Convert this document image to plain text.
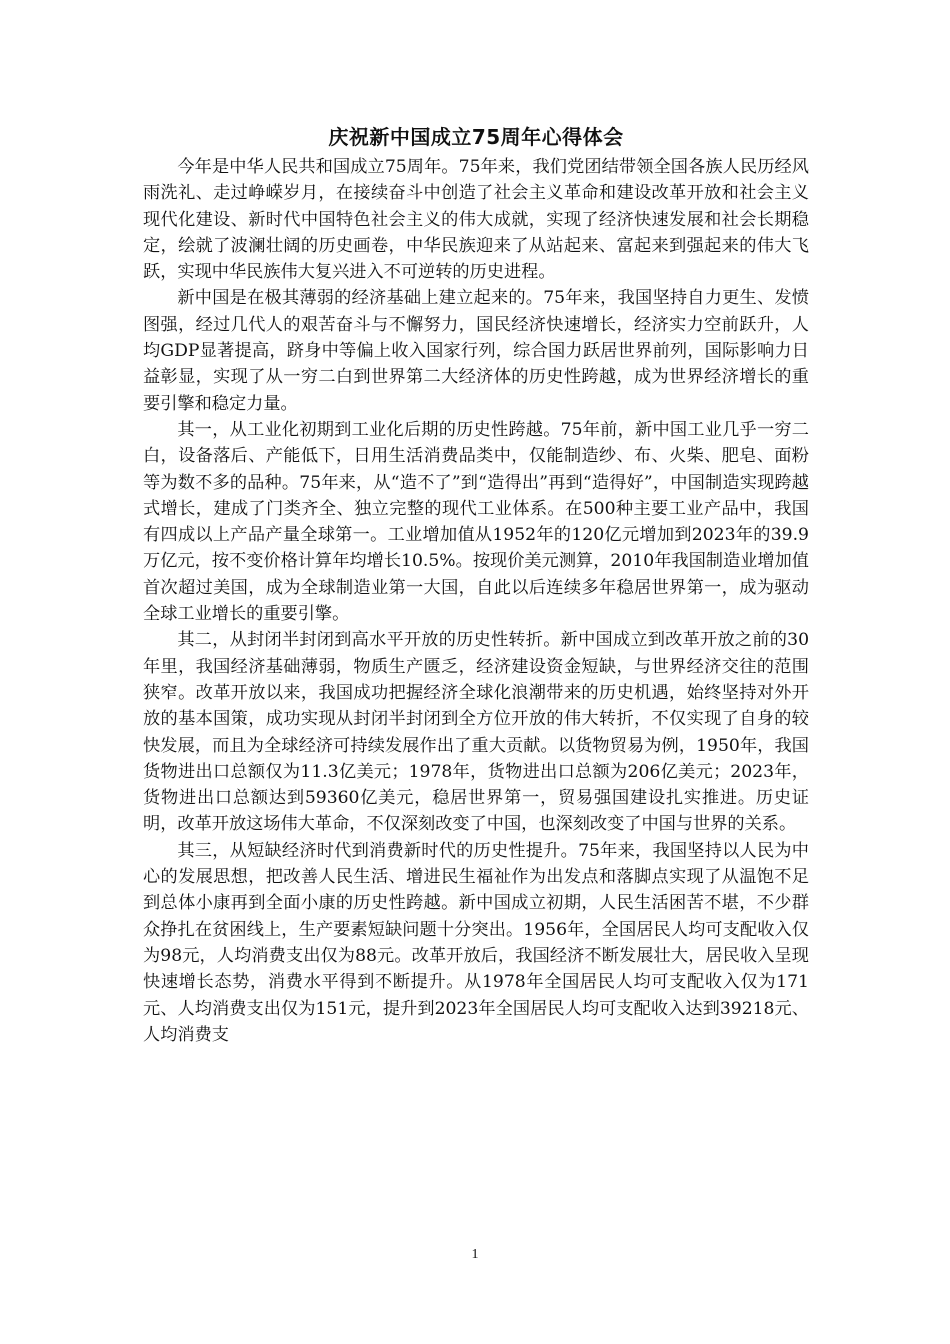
庆祝新中国成立75周年心得体会

今年是中华人民共和国成立75周年。75年来，我们党团结带领全国各族人民历经风雨洗礼、走过峥嵘岁月，在接续奋斗中创造了社会主义革命和建设改革开放和社会主义现代化建设、新时代中国特色社会主义的伟大成就，实现了经济快速发展和社会长期稳定，绘就了波澜壮阔的历史画卷，中华民族迎来了从站起来、富起来到强起来的伟大飞跃，实现中华民族伟大复兴进入不可逆转的历史进程。

新中国是在极其薄弱的经济基础上建立起来的。75年来，我国坚持自力更生、发愤图强，经过几代人的艰苦奋斗与不懈努力，国民经济快速增长，经济实力空前跃升，人均GDP显著提高，跻身中等偏上收入国家行列，综合国力跃居世界前列，国际影响力日益彰显，实现了从一穷二白到世界第二大经济体的历史性跨越，成为世界经济增长的重要引擎和稳定力量。

其一，从工业化初期到工业化后期的历史性跨越。75年前，新中国工业几乎一穷二白，设备落后、产能低下，日用生活消费品类中，仅能制造纱、布、火柴、肥皂、面粉等为数不多的品种。75年来，从“造不了”到“造得出”再到“造得好”，中国制造实现跨越式增长，建成了门类齐全、独立完整的现代工业体系。在500种主要工业产品中，我国有四成以上产品产量全球第一。工业增加值从1952年的120亿元增加到2023年的39.9万亿元，按不变价格计算年均增长10.5%。按现价美元测算，2010年我国制造业增加值首次超过美国，成为全球制造业第一大国，自此以后连续多年稳居世界第一，成为驱动全球工业增长的重要引擎。

其二，从封闭半封闭到高水平开放的历史性转折。新中国成立到改革开放之前的30年里，我国经济基础薄弱，物质生产匮乏，经济建设资金短缺，与世界经济交往的范围狭窄。改革开放以来，我国成功把握经济全球化浪潮带来的历史机遇，始终坚持对外开放的基本国策，成功实现从封闭半封闭到全方位开放的伟大转折，不仅实现了自身的较快发展，而且为全球经济可持续发展作出了重大贡献。以货物贸易为例，1950年，我国货物进出口总额仅为11.3亿美元；1978年，货物进出口总额为206亿美元；2023年，货物进出口总额达到59360亿美元，稳居世界第一，贸易强国建设扎实推进。历史证明，改革开放这场伟大革命，不仅深刻改变了中国，也深刻改变了中国与世界的关系。

其三，从短缺经济时代到消费新时代的历史性提升。75年来，我国坚持以人民为中心的发展思想，把改善人民生活、增进民生福祉作为出发点和落脚点实现了从温饱不足到总体小康再到全面小康的历史性跨越。新中国成立初期，人民生活困苦不堪，不少群众挣扎在贫困线上，生产要素短缺问题十分突出。1956年，全国居民人均可支配收入仅为98元，人均消费支出仅为88元。改革开放后，我国经济不断发展壮大，居民收入呈现快速增长态势，消费水平得到不断提升。从1978年全国居民人均可支配收入仅为171元、人均消费支出仅为151元，提升到2023年全国居民人均可支配收入达到39218元、人均消费支

1
